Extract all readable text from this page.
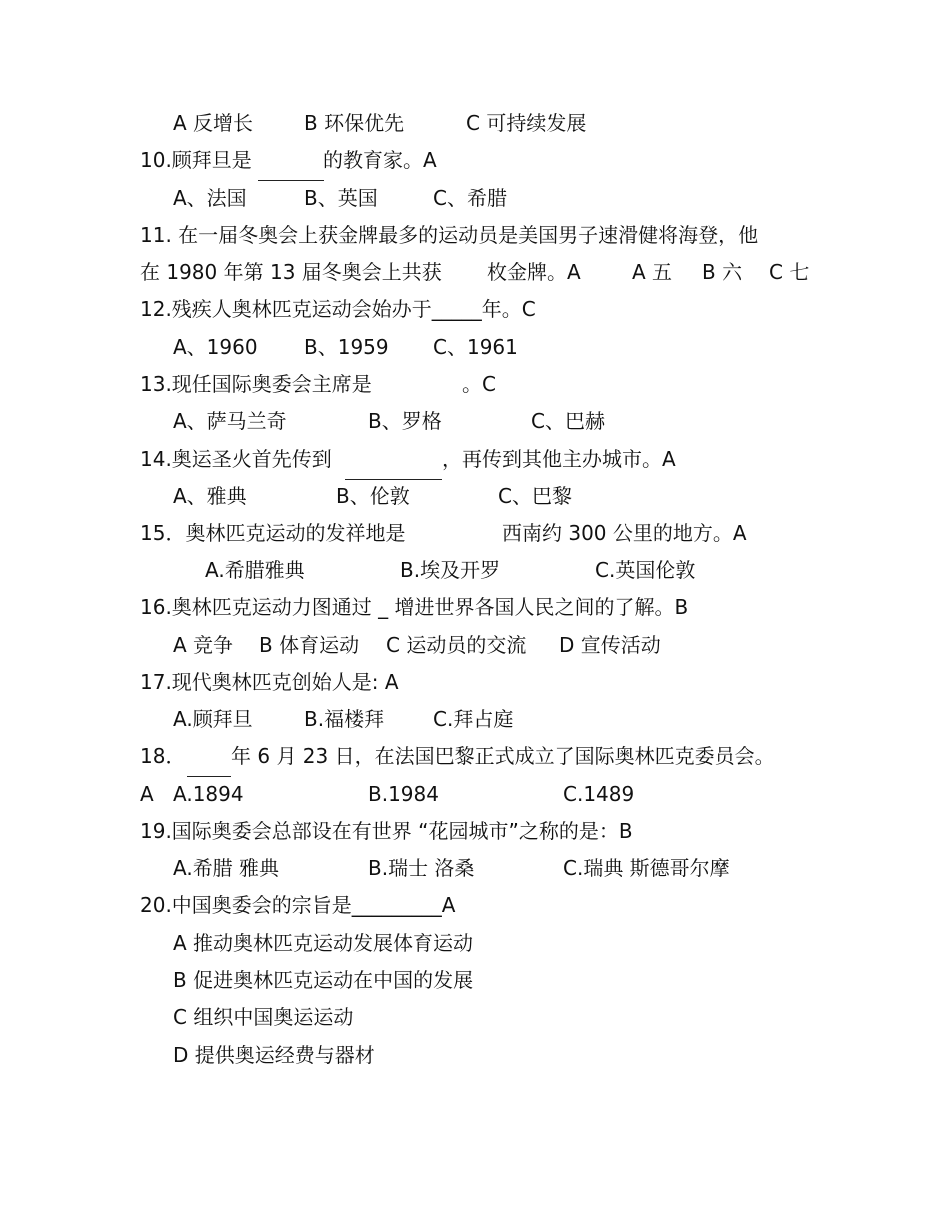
A 反增长	B 环保优先	C 可持续发展
10.顾拜旦是	的教育家。A
A、法国	B、英国	C、希腊
11. 在一届冬奥会上获金牌最多的运动员是美国男子速滑健将海登，他
在 1980 年第 13 届冬奥会上共获 枚金牌。A	A 五 B 六 C 七
12.残疾人奥林匹克运动会始办于_____年。C
A、1960 B、1959 C、1961
13.现任国际奥委会主席是	。C
A、萨马兰奇	B、罗格	C、巴赫
14.奥运圣火首先传到	，再传到其他主办城市。A
A、雅典	B、伦敦	C、巴黎
15．奥林匹克运动的发祥地是	西南约 300 公里的地方。A
A.希腊雅典	B.埃及开罗	C.英国伦敦
16.奥林匹克运动力图通过 _ 增进世界各国人民之间的了解。B
A 竞争 B 体育运动 C 运动员的交流 D 宣传活动
17.现代奥林匹克创始人是: A
A.顾拜旦	B.福楼拜 C.拜占庭
18． 年 6 月 23 日，在法国巴黎正式成立了国际奥林匹克委员会。
A A.1894	B.1984	C.1489
19.国际奥委会总部设在有世界 “花园城市”之称的是：B
A.希腊 雅典	B.瑞士 洛桑	C.瑞典 斯德哥尔摩
20.中国奥委会的宗旨是_________A
A 推动奥林匹克运动发展体育运动
B 促进奥林匹克运动在中国的发展
C 组织中国奥运运动
D 提供奥运经费与器材
